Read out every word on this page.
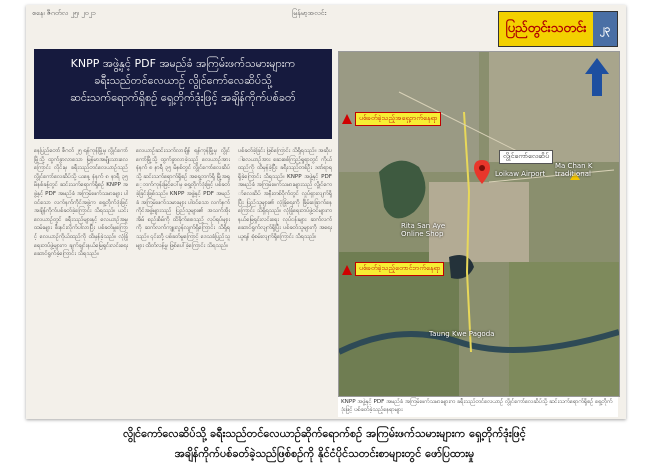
စနေ၊ ဇီဂတ်လ ၂၅၊ ၂၀၂၁	မြန်မာ့အလင်း
ပြည်တွင်းသတင်း	၂၃
KNPP အဖွဲ့နှင့် PDF အမည်ခံ အကြမ်းဖက်သမားများက
ခရီးသည်တင်လေယာဉ် လွိုင်ကော်လေဆိပ်သို့
ဆင်းသက်ရောက်ရှိစဉ် ရှေ့တိုက်ဒုံးဖြင့် အချိန်ကိုက်ပစ်ခတ်
နေပြည်တော် ဇီဂတ် ၂၅ ရန်ကုန်မြို့မှ လွိုင်ကော်မြို့သို့ ထွက်ခွာလာသော မြန်မာအမျိုးသားလေကြောင်း လိုင်းမှ ခရီးသည်တင်လေယာဉ်သည် လွိုင်ကော်လေဆိပ်သို့ ယနေ့ နံနက် ၈ နာရီ ၃၅ မိနစ်ခန့်တွင် ဆင်းသက်ရောက်ရှိစဉ် KNPP အဖွဲ့နှင့် PDF အမည်ခံ အကြမ်းဖက်သမားများ ပါဝင်သော လက်နက်ကိုင်အဖွဲ့က ရှေ့တိုက်ဒုံးဖြင့် အချိန်ကိုက်ပစ်ခတ်ခဲ့ကြောင်း သိရသည်။ ယင်းလေယာဉ်တွင် ခရီးသည်များနှင့် လေယာဉ်အမှုထမ်းများ စီးနင်းလိုက်ပါလာပြီး ပစ်ခတ်မှုကြောင့် လေယာဉ်ကိုယ်ထည်ကို ထိမှန်ခဲ့သည်။ လုံခြုံရေးတပ်ဖွဲ့များက ချက်ချင်းနယ်မြေရှင်းလင်းရေး ဆောင်ရွက်ခဲ့ကြောင်း သိရသည်။
လေယာဉ်ဆင်းသက်လာချိန် ရန်ကုန်မြို့မှ လွိုင်ကော်မြို့သို့ ထွက်ခွာလာခဲ့သည့် လေယာဉ်အား နံနက် ၈ နာရီ ၃၅ မိနစ်တွင် လွိုင်ကော်လေဆိပ်သို့ ဆင်းသက်ရောက်ရှိစဉ် အရှေ့ဘက်ရှိ မြို့အရှေ့ဘက်ကုန်းမြင့်ပေါ်မှ ရှေ့တိုက်ဒုံးဖြင့် ပစ်ခတ်ခဲ့ခြင်းဖြစ်သည်။ KNPP အဖွဲ့နှင့် PDF အမည်ခံ အကြမ်းဖက်သမားများ ပါဝင်သော လက်နက်ကိုင်အဖွဲ့များသည် ပြည်သူများ၏ အသက်အိုးအိမ် စည်းစိမ်ကို ထိခိုက်စေသည့် လုပ်ရပ်များကို ဆက်လက်ကျူးလွန်လျက်ရှိကြောင်း သိရှိရသည်။ ၎င်းတို့ ပစ်ခတ်မှုကြောင့် ဒေသခံပြည်သူများ ထိတ်လန့်မှု ဖြစ်ပေါ်ခဲ့ကြောင်း သိရသည်။
ပစ်ခတ်ခဲ့ခြင်း ဖြစ်ကြောင်း သိရှိရသည်။ အဆိုပါလေယာဉ်အား ဆေးစစ်ကြည့်ရှုရာတွင် ကိုယ်ထည်ကို ထိမှန်ခဲ့ပြီး ခရီးသည်တစ်ဦး ဒဏ်ရာရရှိခဲ့ကြောင်း သိရသည်။ KNPP အဖွဲ့နှင့် PDF အမည်ခံ အကြမ်းဖက်သမားများသည် လွိုင်ကော်လေဆိပ် အနီးတစ်ဝိုက်တွင် လှုပ်ရှားလျက်ရှိပြီး ပြည်သူများ၏ လုံခြုံရေးကို ခြိမ်းခြောက်နေကြောင်း သိရှိရသည်။ လုံခြုံရေးတပ်ဖွဲ့ဝင်များက နယ်မြေရှင်းလင်းရေး လုပ်ငန်းများ ဆက်လက်ဆောင်ရွက်လျက်ရှိပြီး ပစ်ခတ်သူများကို အရေးယူရန် စုံစမ်းလျက်ရှိကြောင်း သိရသည်။
ပစ်ခတ်ခဲ့သည့်အရှေ့ဘက်နေရာ
လွိုင်ကော်လေဆိပ်
Loikaw Airport
Ma Chan K traditional
Rita San Aye Online Shop
ပစ်ခတ်ခဲ့သည့်တောင်ဘက်နေရာ
Taung Kwe Pagoda
KNPP အဖွဲ့နှင့် PDF အမည်ခံ အကြမ်းဖက်သမားများက ခရီးသည်တင်လေယာဉ် လွိုင်ကော်လေဆိပ်သို့ ဆင်းသက်ရောက်ရှိစဉ် ရှေ့တိုက်ဒုံးဖြင့် ပစ်ခတ်ခဲ့သည့်နေရာများ
လွိုင်ကော်လေဆိပ်သို့ ခရီးသည်တင်လေယာဉ်ဆိုက်ရောက်စဉ် အကြမ်းဖက်သမားများက ရှေ့တိုက်ဒုံးဖြင့်
အချိန်ကိုက်ပစ်ခတ်ခဲ့သည်ဖြစ်စဉ်ကို နိုင်ငံပိုင်သတင်းစာများတွင် ဖော်ပြထားမှု
